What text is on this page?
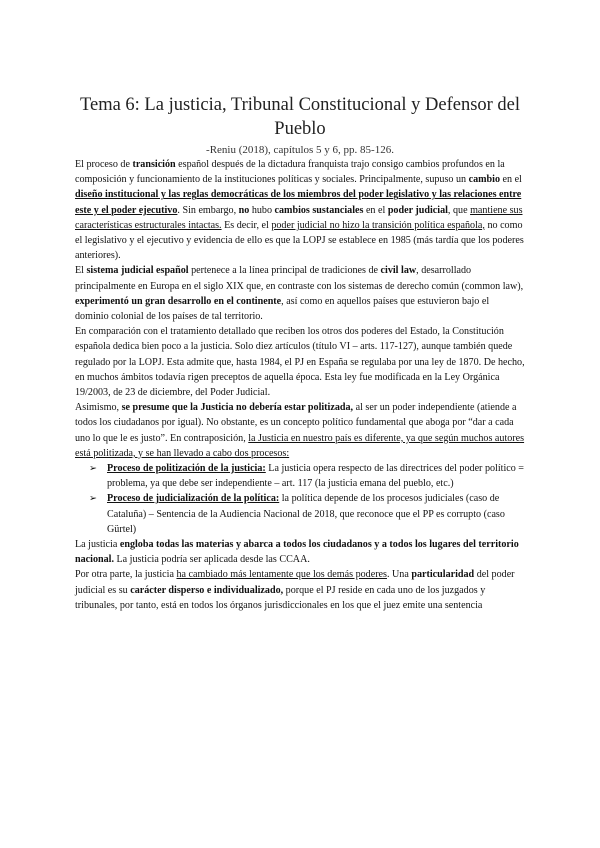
Tema 6: La justicia, Tribunal Constitucional y Defensor del Pueblo
-Reniu (2018), capítulos 5 y 6, pp. 85-126.

El proceso de transición español después de la dictadura franquista trajo consigo cambios profundos en la composición y funcionamiento de la instituciones políticas y sociales. Principalmente, supuso un cambio en el diseño institucional y las reglas democráticas de los miembros del poder legislativo y las relaciones entre este y el poder ejecutivo. Sin embargo, no hubo cambios sustanciales en el poder judicial, que mantiene sus características estructurales intactas. Es decir, el poder judicial no hizo la transición política española, no como el legislativo y el ejecutivo y evidencia de ello es que la LOPJ se establece en 1985 (más tardía que los poderes anteriores).

El sistema judicial español pertenece a la línea principal de tradiciones de civil law, desarrollado principalmente en Europa en el siglo XIX que, en contraste con los sistemas de derecho común (common law), experimentó un gran desarrollo en el continente, así como en aquellos países que estuvieron bajo el dominio colonial de los países de tal territorio.

En comparación con el tratamiento detallado que reciben los otros dos poderes del Estado, la Constitución española dedica bien poco a la justicia. Solo diez artículos (título VI – arts. 117-127), aunque también quede regulado por la LOPJ. Esta admite que, hasta 1984, el PJ en España se regulaba por una ley de 1870. De hecho, en muchos ámbitos todavía rigen preceptos de aquella época. Esta ley fue modificada en la Ley Orgánica 19/2003, de 23 de diciembre, del Poder Judicial.

Asimismo, se presume que la Justicia no debería estar politizada, al ser un poder independiente (atiende a todos los ciudadanos por igual). No obstante, es un concepto político fundamental que aboga por “dar a cada uno lo que le es justo”. En contraposición, la Justicia en nuestro país es diferente, ya que según muchos autores está politizada, y se han llevado a cabo dos procesos:

➢ Proceso de politización de la justicia: La justicia opera respecto de las directrices del poder político = problema, ya que debe ser independiente – art. 117 (la justicia emana del pueblo, etc.)
➢ Proceso de judicialización de la política: la política depende de los procesos judiciales (caso de Cataluña) – Sentencia de la Audiencia Nacional de 2018, que reconoce que el PP es corrupto (caso Gürtel)

La justicia engloba todas las materias y abarca a todos los ciudadanos y a todos los lugares del territorio nacional. La justicia podría ser aplicada desde las CCAA.

Por otra parte, la justicia ha cambiado más lentamente que los demás poderes. Una particularidad del poder judicial es su carácter disperso e individualizado, porque el PJ reside en cada uno de los juzgados y tribunales, por tanto, está en todos los órganos jurisdiccionales en los que el juez emite una sentencia
